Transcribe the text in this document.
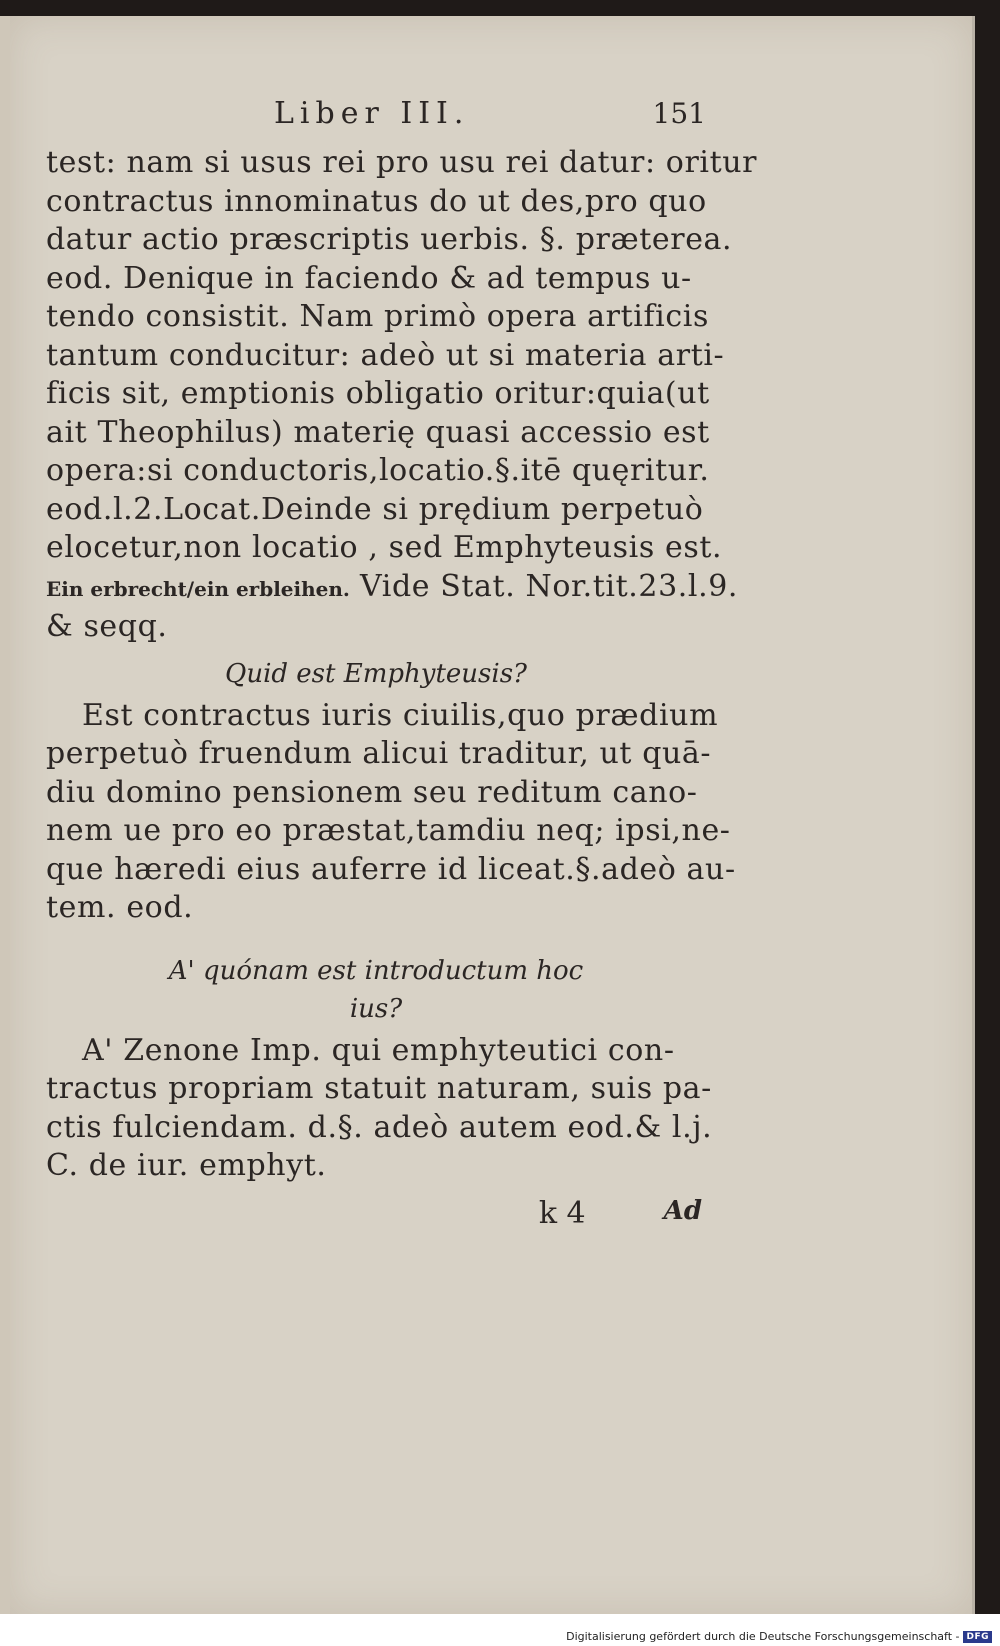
Liber III.	151
test: nam si usus rei pro usu rei datur: oritur
contractus innominatus do ut des,pro quo
datur actio præscriptis uerbis. §. præterea.
eod. Denique in faciendo & ad tempus u-
tendo consistit. Nam primò opera artificis
tantum conducitur: adeò ut si materia arti-
ficis sit, emptionis obligatio oritur:quia(ut
ait Theophilus) materię quasi accessio est
opera:si conductoris,locatio.§.itē quęritur.
eod.l.2.Locat.Deinde si prędium perpetuò
elocetur,non locatio , sed Emphyteusis est.
Ein erbrecht/ein erbleihen. Vide Stat. Nor.tit.23.l.9.
& seqq.
Quid est Emphyteusis?
Est contractus iuris ciuilis,quo prædium
perpetuò fruendum alicui traditur, ut quā-
diu domino pensionem seu reditum cano-
nem ue pro eo præstat,tamdiu neq; ipsi,ne-
que hæredi eius auferre id liceat.§.adeò au-
tem. eod.
A' quónam est introductum hoc
ius?
A' Zenone Imp. qui emphyteutici con-
tractus propriam statuit naturam, suis pa-
ctis fulciendam. d.§. adeò autem eod.& l.j.
C. de iur. emphyt.
k 4	Ad
Digitalisierung gefördert durch die Deutsche Forschungsgemeinschaft - DFG
